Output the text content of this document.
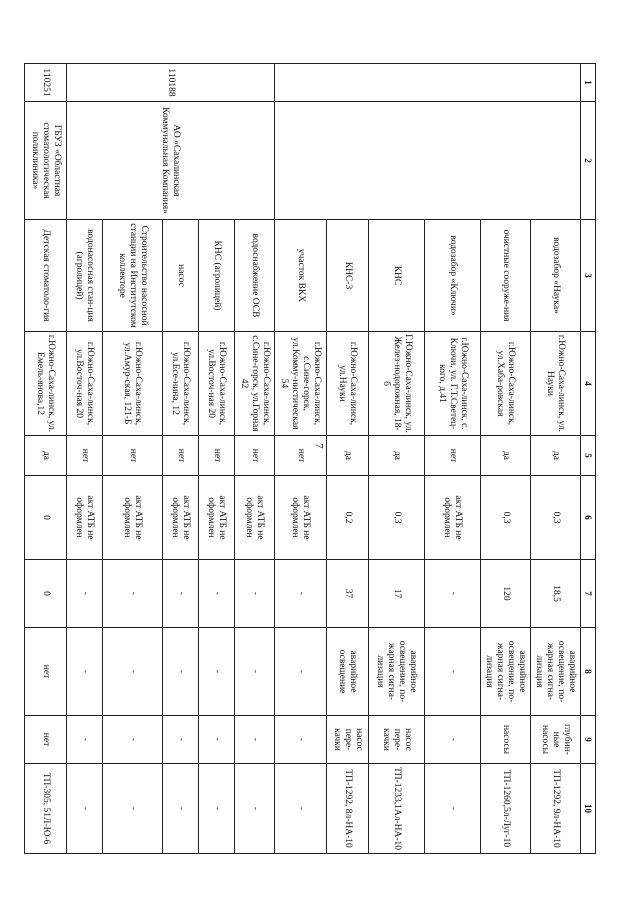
7
1	2	3	4	5	6	7	8	9	10
		водозабор «Наука»	г.Южно-Саха-линск, ул. Науки	да	0,3	18,5	аварийное освещение, по-жарная сигна-лизация	глубин-ные насосы	ТП-1292, 9л-НА-10
		очистные сооруже-ния	г.Южно-Саха-линск, ул.Хаба-ровская	да	0,3	120	аварийное освещение, по-жарная сигна-лизация	насосы	ТП-1260,5л-Луг-10
		водозабор «Ключи»	г.Южно-Саха-линск, с. Ключи, ул. Г.Т.Светец-кого, д.41	нет	акт АТБ не оформлен	-	-	-	-
		КНС	Г.Южно-Саха-линск, ул. Желез-нодорожная, 18-б	да	0,3	17	аварийное освещение, по-жарная сигна-лизация	насос пере-качки	ТП-1233,1Ал-НА-10
		КНС-3	г.Южно-Саха-линск, ул.Науки	да	0,2	37	аварийное освещение	насос пере-качки	ТП-1292, 8л-НА-10
		участок ВКХ	г.Южно-Саха-линск, с.Сине-горск, ул.Комму-нистическая 54	нет	акт АТБ не оформлен	-	-	-	-
110188	АО «Сахалинская Коммунальная Компания»	водоснабжение ОСВ	г.Южно-Саха-линск, с.Сине-горск, ул.Горная 42	нет	акт АТБ не оформлен	-	-	-	-
		КНС (агролицей)	г.Южно-Саха-линск, ул.Восточ-ная 20	нет	акт АТБ не оформлен	-	-	-	-
		насос	г.Южно-Саха-линск, ул.Есе-нина, 12	нет	акт АТБ не оформлен	-	-	-	-
		Строительство насосной станции на Институтском коллекторе	г.Южно-Саха-линск, ул.Амур-ская, 121-Б	нет	акт АТБ не оформлен	-	-	-	-
		водонасосная стан-ция (агролицей)	г.Южно-Саха-линск, ул.Восточ-ная 20	нет	акт АТБ не оформлен	-	-	-	-
110251	ГБУЗ «Областная стоматологическая поликлиника»	Детская стоматоло-гия	г.Южно-Саха-линск, ул. Емель-янова,12	да	0	0	нет	нет	ТП-305, 51Л-Ю-6
